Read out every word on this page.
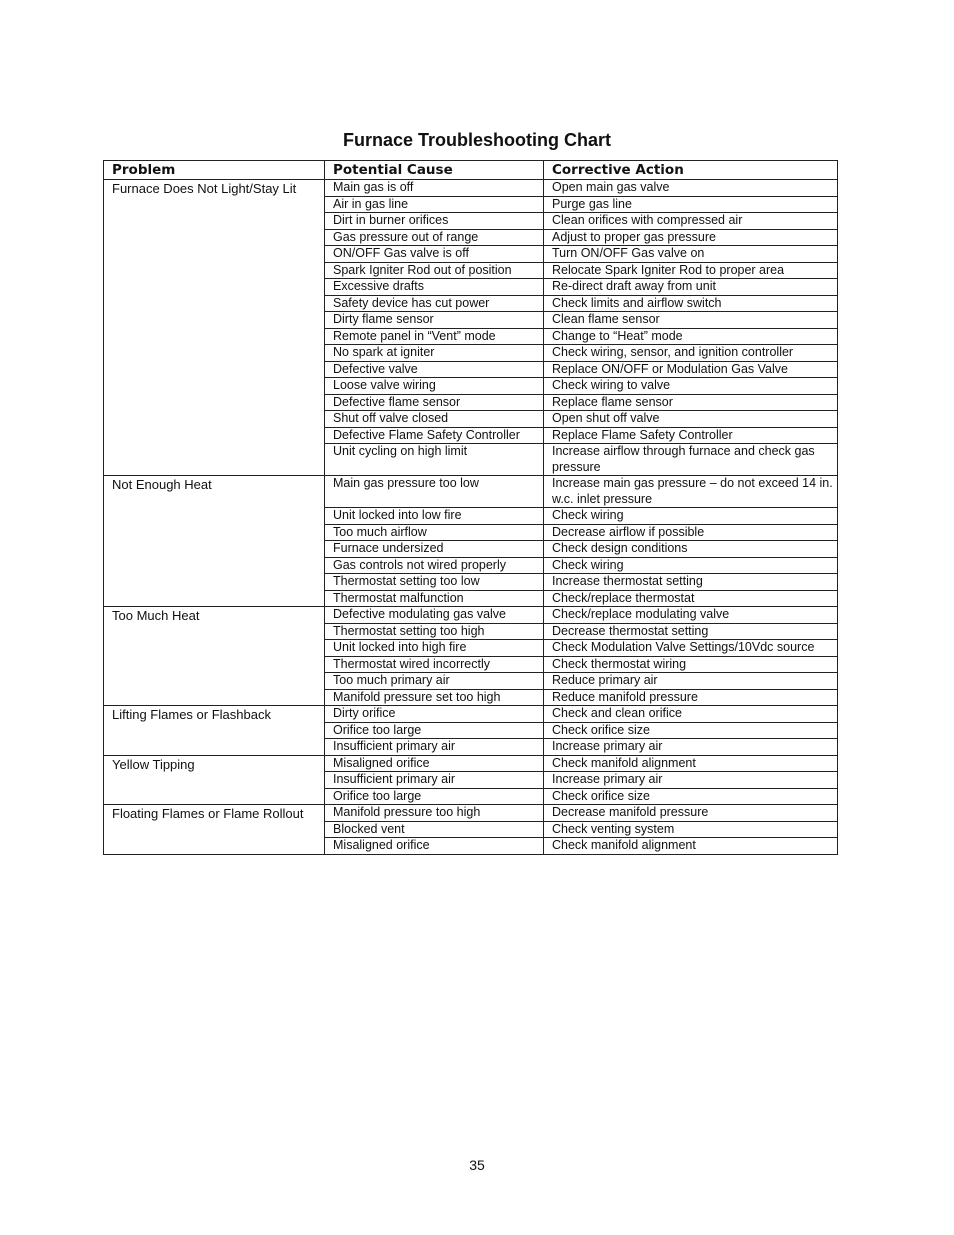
Furnace Troubleshooting Chart
Problem	Potential Cause	Corrective Action
Furnace Does Not Light/Stay Lit	Main gas is off	Open main gas valve
Air in gas line	Purge gas line
Dirt in burner orifices	Clean orifices with compressed air
Gas pressure out of range	Adjust to proper gas pressure
ON/OFF Gas valve is off	Turn ON/OFF Gas valve on
Spark Igniter Rod out of position	Relocate Spark Igniter Rod to proper area
Excessive drafts	Re-direct draft away from unit
Safety device has cut power	Check limits and airflow switch
Dirty flame sensor	Clean flame sensor
Remote panel in “Vent” mode	Change to “Heat” mode
No spark at igniter	Check wiring, sensor, and ignition controller
Defective valve	Replace ON/OFF or Modulation Gas Valve
Loose valve wiring	Check wiring to valve
Defective flame sensor	Replace flame sensor
Shut off valve closed	Open shut off valve
Defective Flame Safety Controller	Replace Flame Safety Controller
Unit cycling on high limit	Increase airflow through furnace and check gas pressure
Not Enough Heat	Main gas pressure too low	Increase main gas pressure – do not exceed 14 in. w.c. inlet pressure
Unit locked into low fire	Check wiring
Too much airflow	Decrease airflow if possible
Furnace undersized	Check design conditions
Gas controls not wired properly	Check wiring
Thermostat setting too low	Increase thermostat setting
Thermostat malfunction	Check/replace thermostat
Too Much Heat	Defective modulating gas valve	Check/replace modulating valve
Thermostat setting too high	Decrease thermostat setting
Unit locked into high fire	Check Modulation Valve Settings/10Vdc source
Thermostat wired incorrectly	Check thermostat wiring
Too much primary air	Reduce primary air
Manifold pressure set too high	Reduce manifold pressure
Lifting Flames or Flashback	Dirty orifice	Check and clean orifice
Orifice too large	Check orifice size
Insufficient primary air	Increase primary air
Yellow Tipping	Misaligned orifice	Check manifold alignment
Insufficient primary air	Increase primary air
Orifice too large	Check orifice size
Floating Flames or Flame Rollout	Manifold pressure too high	Decrease manifold pressure
Blocked vent	Check venting system
Misaligned orifice	Check manifold alignment
35
